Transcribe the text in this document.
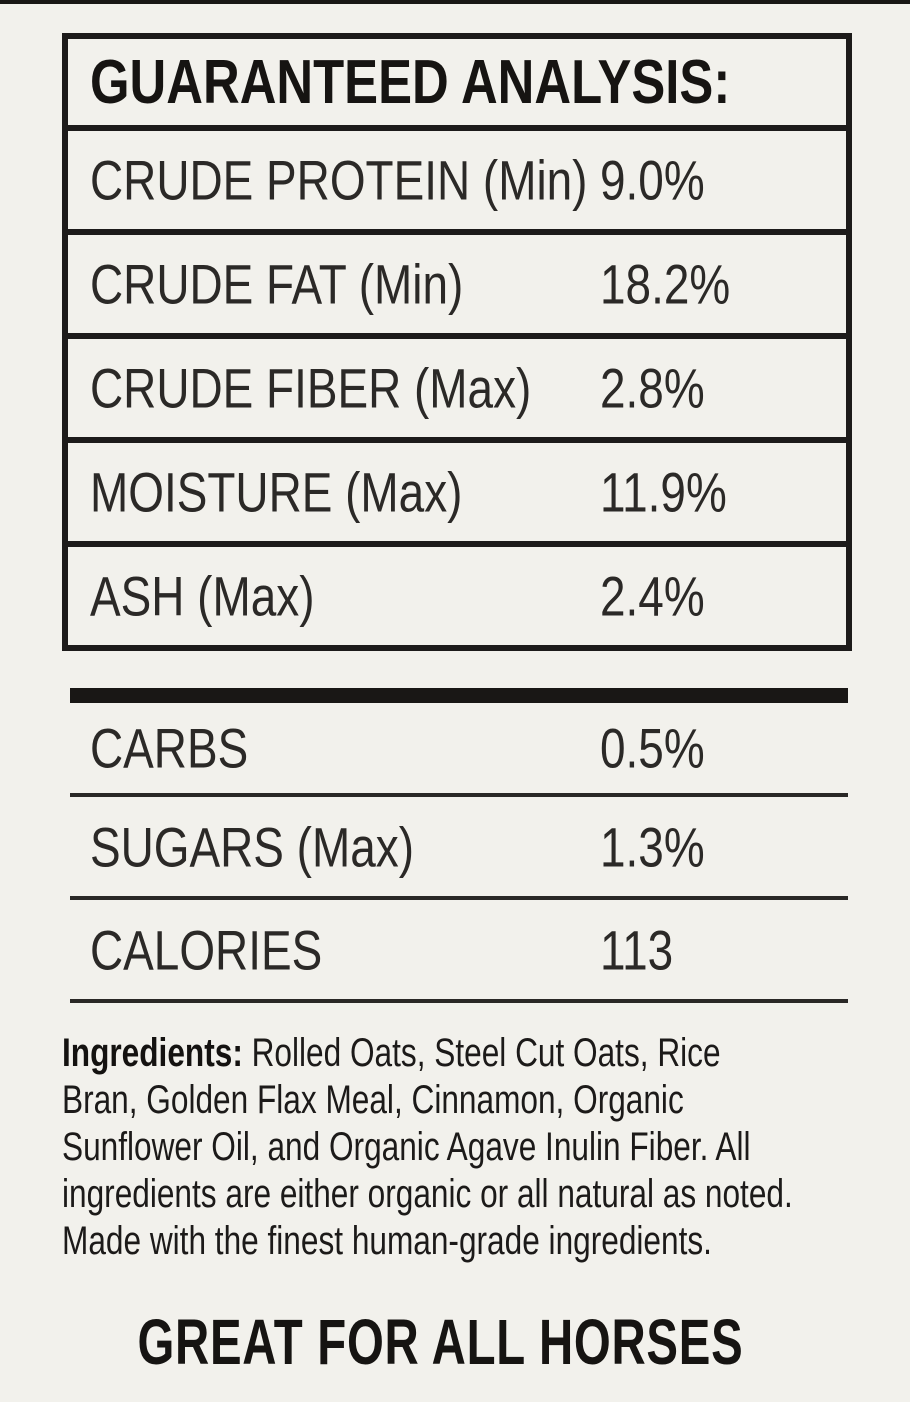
GUARANTEED ANALYSIS:
CRUDE PROTEIN (Min) 9.0%
CRUDE FAT (Min) 18.2%
CRUDE FIBER (Max) 2.8%
MOISTURE (Max) 11.9%
ASH (Max)	2.4%
CARBS	0.5%
SUGARS (Max)	1.3%
CALORIES	113
Ingredients: Rolled Oats, Steel Cut Oats, Rice
Bran, Golden Flax Meal, Cinnamon, Organic
Sunflower Oil, and Organic Agave Inulin Fiber. All
ingredients are either organic or all natural as noted.
Made with the finest human-grade ingredients.
GREAT FOR ALL HORSES
